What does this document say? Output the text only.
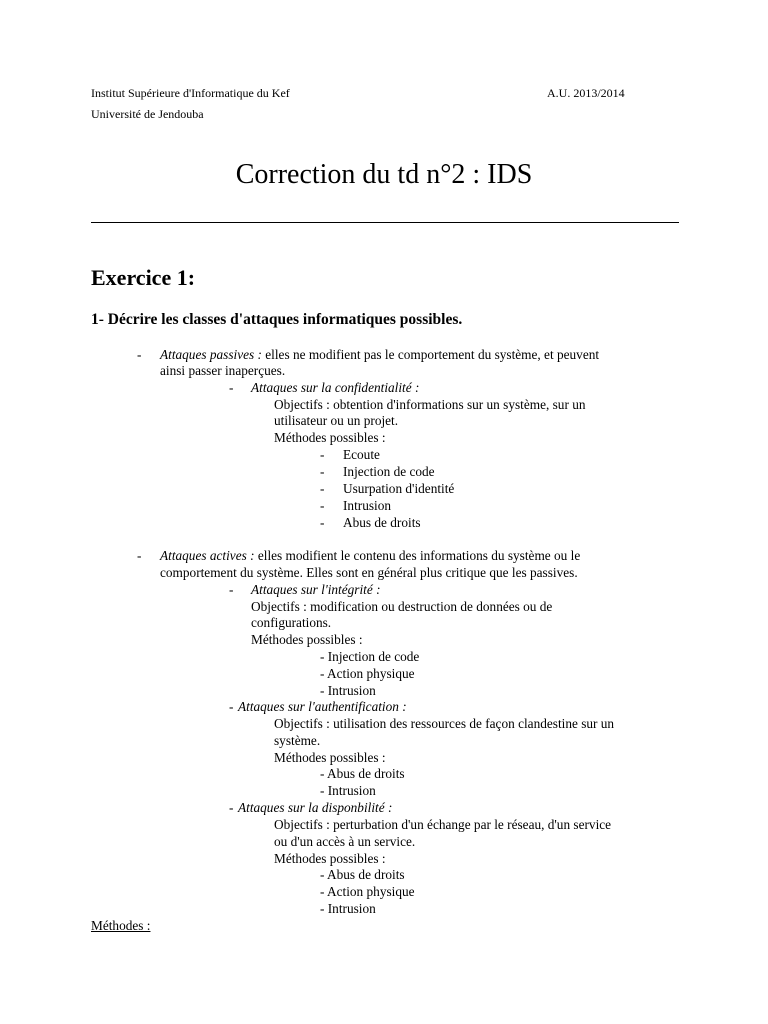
Institut Supérieure d'Informatique du Kef	A.U. 2013/2014
Université de Jendouba
Correction du td n°2 : IDS
Exercice 1:
1- Décrire les classes d'attaques informatiques possibles.
- Attaques passives : elles ne modifient pas le comportement du système, et peuvent
ainsi passer inaperçues.
- Attaques sur la confidentialité :
Objectifs : obtention d'informations sur un système, sur un
utilisateur ou un projet.
Méthodes possibles :
- Ecoute
- Injection de code
- Usurpation d'identité
- Intrusion
- Abus de droits
- Attaques actives : elles modifient le contenu des informations du système ou le
comportement du système. Elles sont en général plus critique que les passives.
- Attaques sur l'intégrité :
Objectifs : modification ou destruction de données ou de
configurations.
Méthodes possibles :
- Injection de code
- Action physique
- Intrusion
- Attaques sur l'authentification :
Objectifs : utilisation des ressources de façon clandestine sur un
système.
Méthodes possibles :
- Abus de droits
- Intrusion
- Attaques sur la disponbilité :
Objectifs : perturbation d'un échange par le réseau, d'un service
ou d'un accès à un service.
Méthodes possibles :
- Abus de droits
- Action physique
- Intrusion
Méthodes :
